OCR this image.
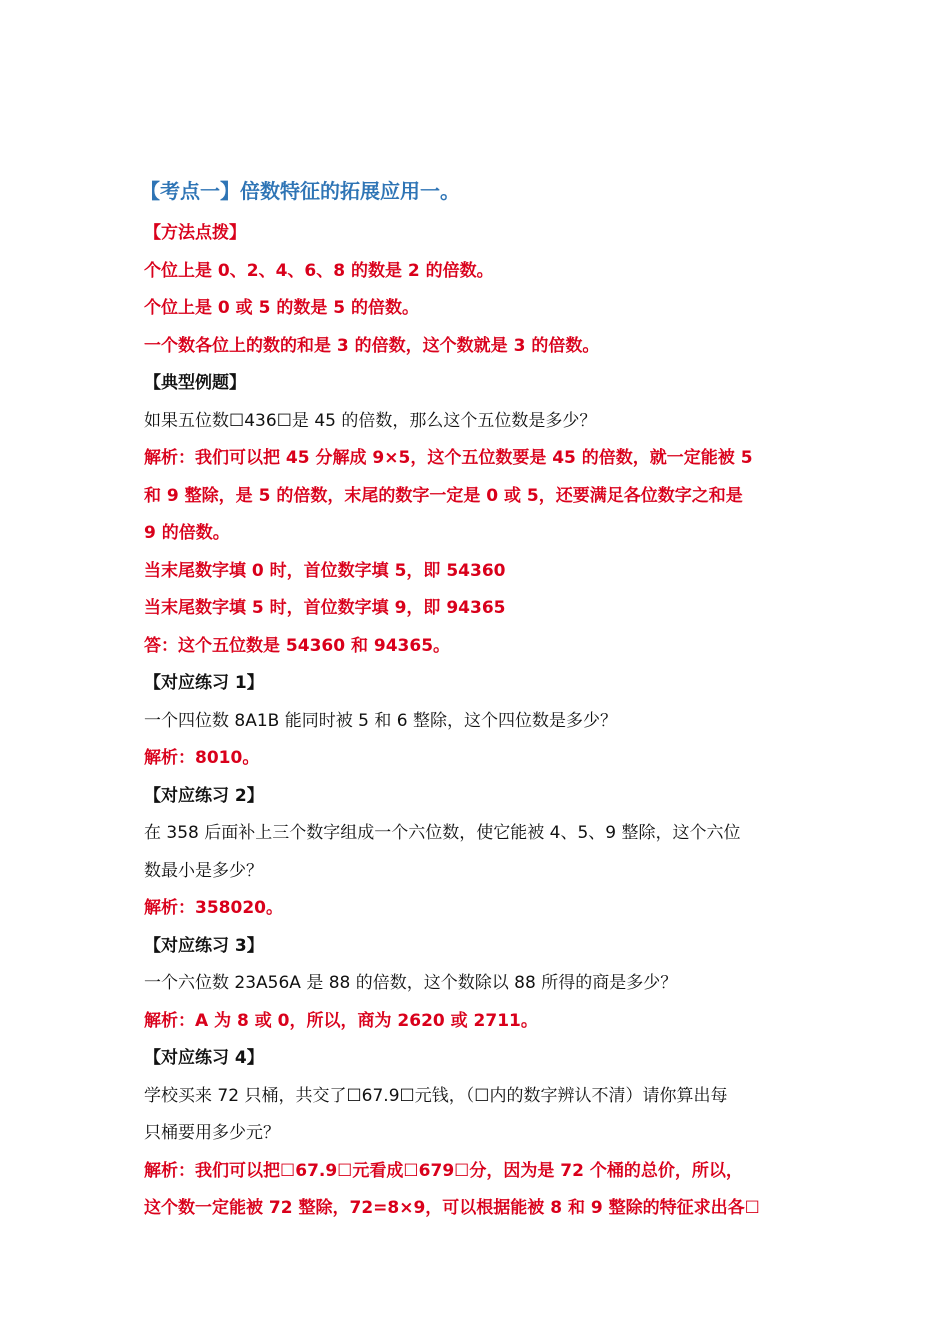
【考点一】倍数特征的拓展应用一。
【方法点拨】
个位上是 0、2、4、6、8 的数是 2 的倍数。
个位上是 0 或 5 的数是 5 的倍数。
一个数各位上的数的和是 3 的倍数，这个数就是 3 的倍数。
【典型例题】
如果五位数☐436☐是 45 的倍数，那么这个五位数是多少？
解析：我们可以把 45 分解成 9×5，这个五位数要是 45 的倍数，就一定能被 5
和 9 整除，是 5 的倍数，末尾的数字一定是 0 或 5，还要满足各位数字之和是
9 的倍数。
当末尾数字填 0 时，首位数字填 5，即 54360
当末尾数字填 5 时，首位数字填 9，即 94365
答：这个五位数是 54360 和 94365。
【对应练习 1】
一个四位数 8A1B 能同时被 5 和 6 整除，这个四位数是多少？
解析：8010。
【对应练习 2】
在 358 后面补上三个数字组成一个六位数，使它能被 4、5、9 整除，这个六位
数最小是多少？
解析：358020。
【对应练习 3】
一个六位数 23A56A 是 88 的倍数，这个数除以 88 所得的商是多少？
解析：A 为 8 或 0，所以，商为 2620 或 2711。
【对应练习 4】
学校买来 72 只桶，共交了☐67.9☐元钱，（☐内的数字辨认不清）请你算出每
只桶要用多少元？
解析：我们可以把☐67.9☐元看成☐679☐分，因为是 72 个桶的总价，所以，
这个数一定能被 72 整除，72=8×9，可以根据能被 8 和 9 整除的特征求出各☐
